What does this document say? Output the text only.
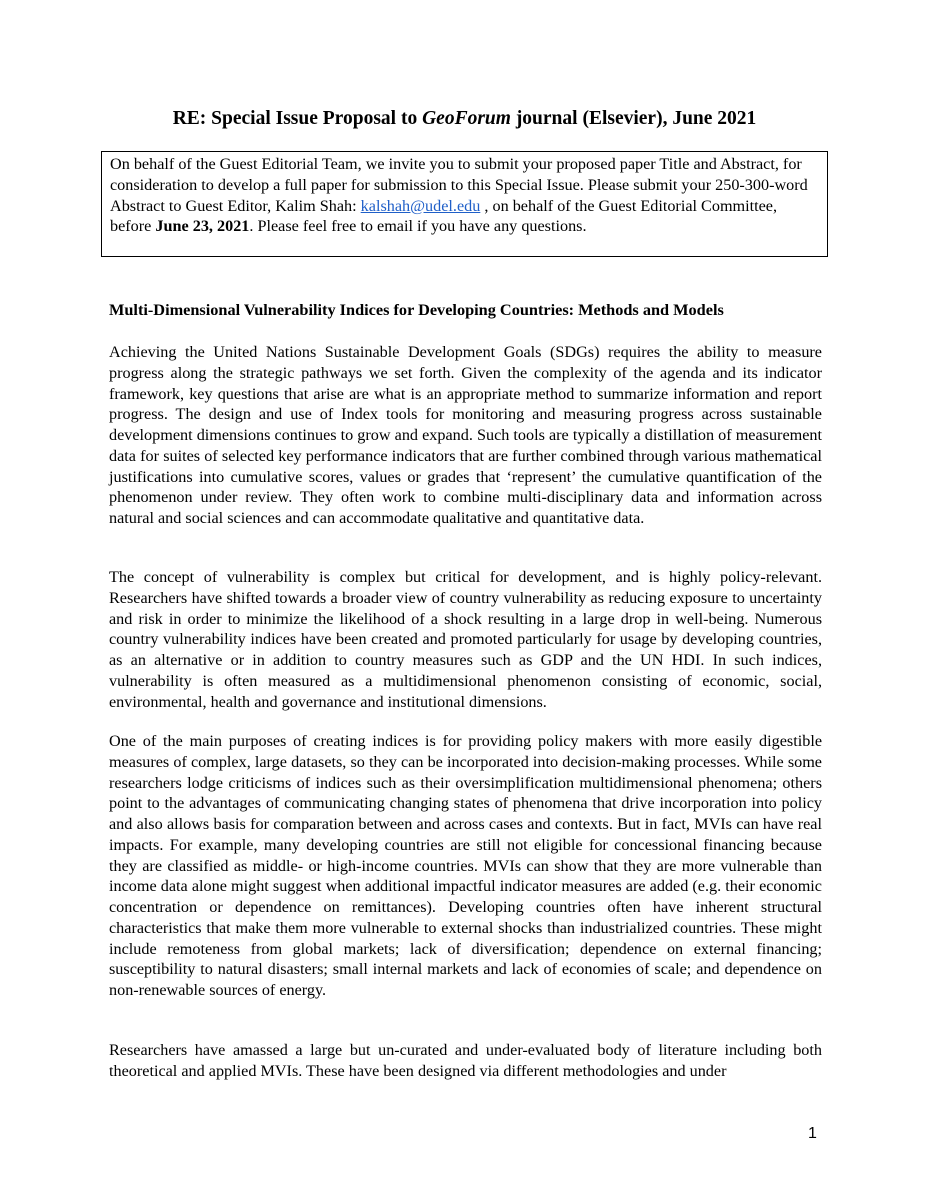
RE: Special Issue Proposal to GeoForum journal (Elsevier), June 2021
On behalf of the Guest Editorial Team, we invite you to submit your proposed paper Title and Abstract, for consideration to develop a full paper for submission to this Special Issue. Please submit your 250-300-word Abstract to Guest Editor, Kalim Shah: kalshah@udel.edu , on behalf of the Guest Editorial Committee, before June 23, 2021. Please feel free to email if you have any questions.
Multi-Dimensional Vulnerability Indices for Developing Countries: Methods and Models

Achieving the United Nations Sustainable Development Goals (SDGs) requires the ability to measure progress along the strategic pathways we set forth. Given the complexity of the agenda and its indicator framework, key questions that arise are what is an appropriate method to summarize information and report progress. The design and use of Index tools for monitoring and measuring progress across sustainable development dimensions continues to grow and expand. Such tools are typically a distillation of measurement data for suites of selected key performance indicators that are further combined through various mathematical justifications into cumulative scores, values or grades that ‘represent’ the cumulative quantification of the phenomenon under review. They often work to combine multi-disciplinary data and information across natural and social sciences and can accommodate qualitative and quantitative data.

The concept of vulnerability is complex but critical for development, and is highly policy-relevant. Researchers have shifted towards a broader view of country vulnerability as reducing exposure to uncertainty and risk in order to minimize the likelihood of a shock resulting in a large drop in well-being. Numerous country vulnerability indices have been created and promoted particularly for usage by developing countries, as an alternative or in addition to country measures such as GDP and the UN HDI. In such indices, vulnerability is often measured as a multidimensional phenomenon consisting of economic, social, environmental, health and governance and institutional dimensions.

One of the main purposes of creating indices is for providing policy makers with more easily digestible measures of complex, large datasets, so they can be incorporated into decision-making processes. While some researchers lodge criticisms of indices such as their oversimplification multidimensional phenomena; others point to the advantages of communicating changing states of phenomena that drive incorporation into policy and also allows basis for comparation between and across cases and contexts. But in fact, MVIs can have real impacts. For example, many developing countries are still not eligible for concessional financing because they are classified as middle- or high-income countries. MVIs can show that they are more vulnerable than income data alone might suggest when additional impactful indicator measures are added (e.g. their economic concentration or dependence on remittances). Developing countries often have inherent structural characteristics that make them more vulnerable to external shocks than industrialized countries. These might include remoteness from global markets; lack of diversification; dependence on external financing; susceptibility to natural disasters; small internal markets and lack of economies of scale; and dependence on non-renewable sources of energy.

Researchers have amassed a large but un-curated and under-evaluated body of literature including both theoretical and applied MVIs. These have been designed via different methodologies and under

1
